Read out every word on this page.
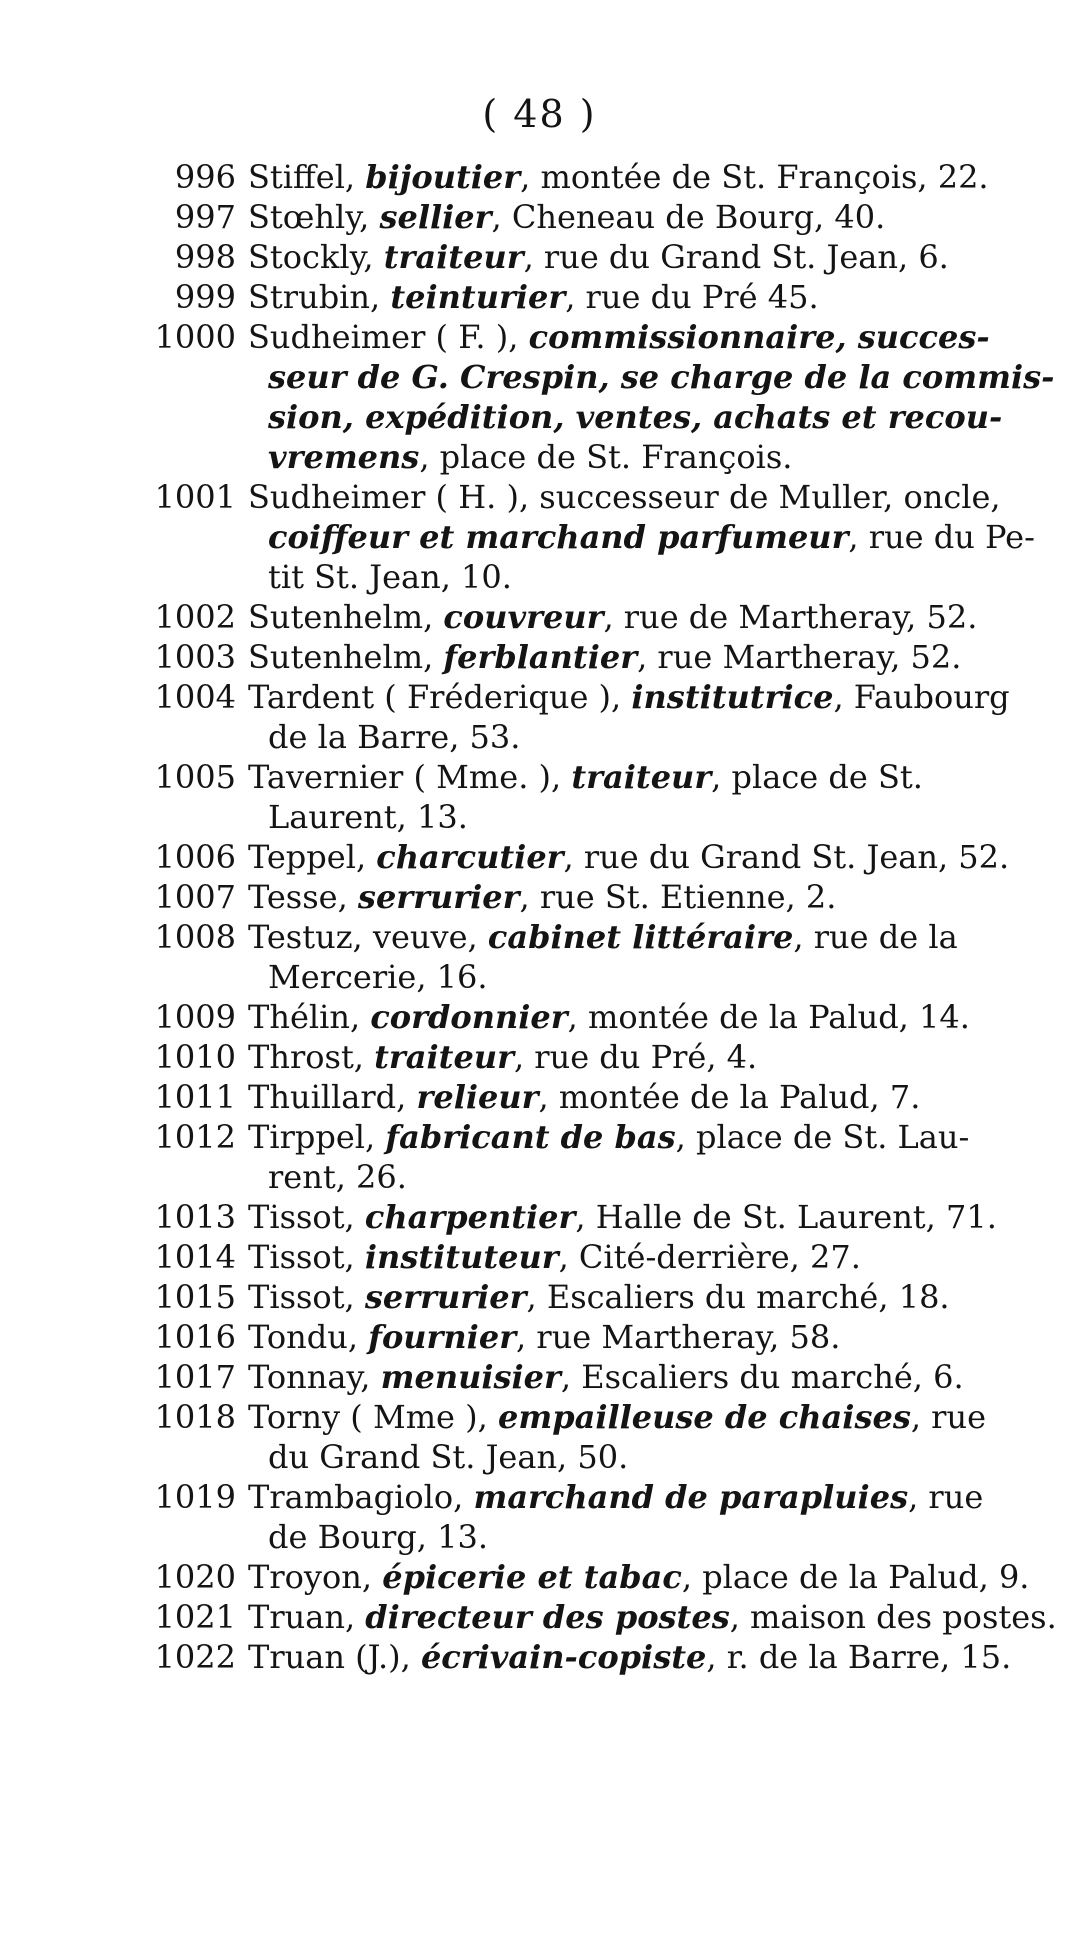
( 48 )
996 Stiffel, bijoutier, montée de St. François, 22.
997 Stœhly, sellier, Cheneau de Bourg, 40.
998 Stockly, traiteur, rue du Grand St. Jean, 6.
999 Strubin, teinturier, rue du Pré 45.
1000 Sudheimer ( F. ), commissionnaire, succes-
seur de G. Crespin, se charge de la commis-
sion, expédition, ventes, achats et recou-
vremens, place de St. François.
1001 Sudheimer ( H. ), successeur de Muller, oncle,
coiffeur et marchand parfumeur, rue du Pe-
tit St. Jean, 10.
1002 Sutenhelm, couvreur, rue de Martheray, 52.
1003 Sutenhelm, ferblantier, rue Martheray, 52.
1004 Tardent ( Fréderique ), institutrice, Faubourg
de la Barre, 53.
1005 Tavernier ( Mme. ), traiteur, place de St.
Laurent, 13.
1006 Teppel, charcutier, rue du Grand St. Jean, 52.
1007 Tesse, serrurier, rue St. Etienne, 2.
1008 Testuz, veuve, cabinet littéraire, rue de la
Mercerie, 16.
1009 Thélin, cordonnier, montée de la Palud, 14.
1010 Throst, traiteur, rue du Pré, 4.
1011 Thuillard, relieur, montée de la Palud, 7.
1012 Tirppel, fabricant de bas, place de St. Lau-
rent, 26.
1013 Tissot, charpentier, Halle de St. Laurent, 71.
1014 Tissot, instituteur, Cité-derrière, 27.
1015 Tissot, serrurier, Escaliers du marché, 18.
1016 Tondu, fournier, rue Martheray, 58.
1017 Tonnay, menuisier, Escaliers du marché, 6.
1018 Torny ( Mme ), empailleuse de chaises, rue
du Grand St. Jean, 50.
1019 Trambagiolo, marchand de parapluies, rue
de Bourg, 13.
1020 Troyon, épicerie et tabac, place de la Palud, 9.
1021 Truan, directeur des postes, maison des postes.
1022 Truan (J.), écrivain-copiste, r. de la Barre, 15.
